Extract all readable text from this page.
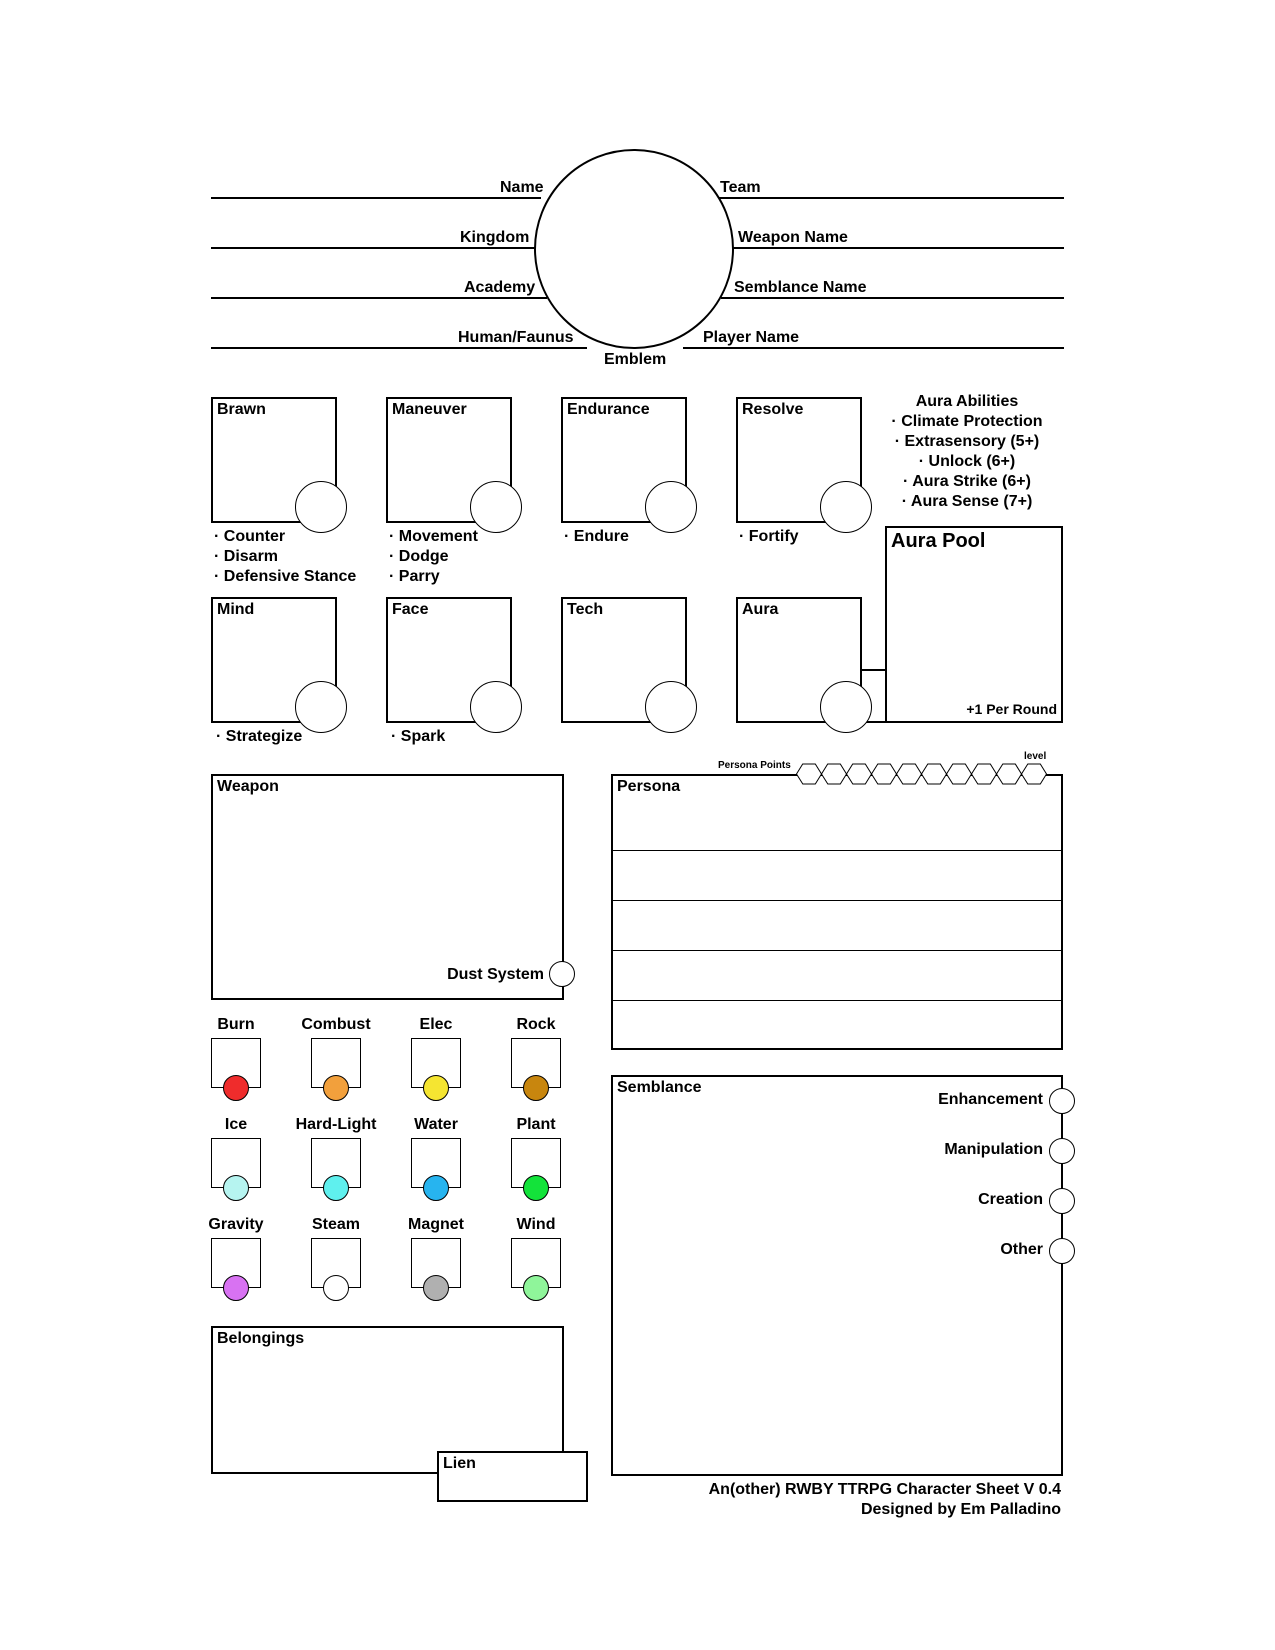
Name
Kingdom
Academy
Human/Faunus
Team
Weapon Name
Semblance Name
Player Name
Emblem
Brawn
· Counter
· Disarm
· Defensive Stance
Maneuver
· Movement
· Dodge
· Parry
Endurance
· Endure
Resolve
· Fortify
Aura Abilities
· Climate Protection
· Extrasensory (5+)
· Unlock (6+)
· Aura Strike (6+)
· Aura Sense (7+)
Mind
· Strategize
Face
· Spark
Tech
Aura Pool
+1 Per Round
Aura
Weapon
Dust System
Persona Points
level
Persona
Burn	Combust	Elec	Rock
Ice	Hard-Light	Water	Plant
Gravity	Steam	Magnet	Wind
Belongings
Lien
Semblance
Enhancement
Manipulation
Creation
Other
An(other) RWBY TTRPG Character Sheet V 0.4
Designed by Em Palladino
